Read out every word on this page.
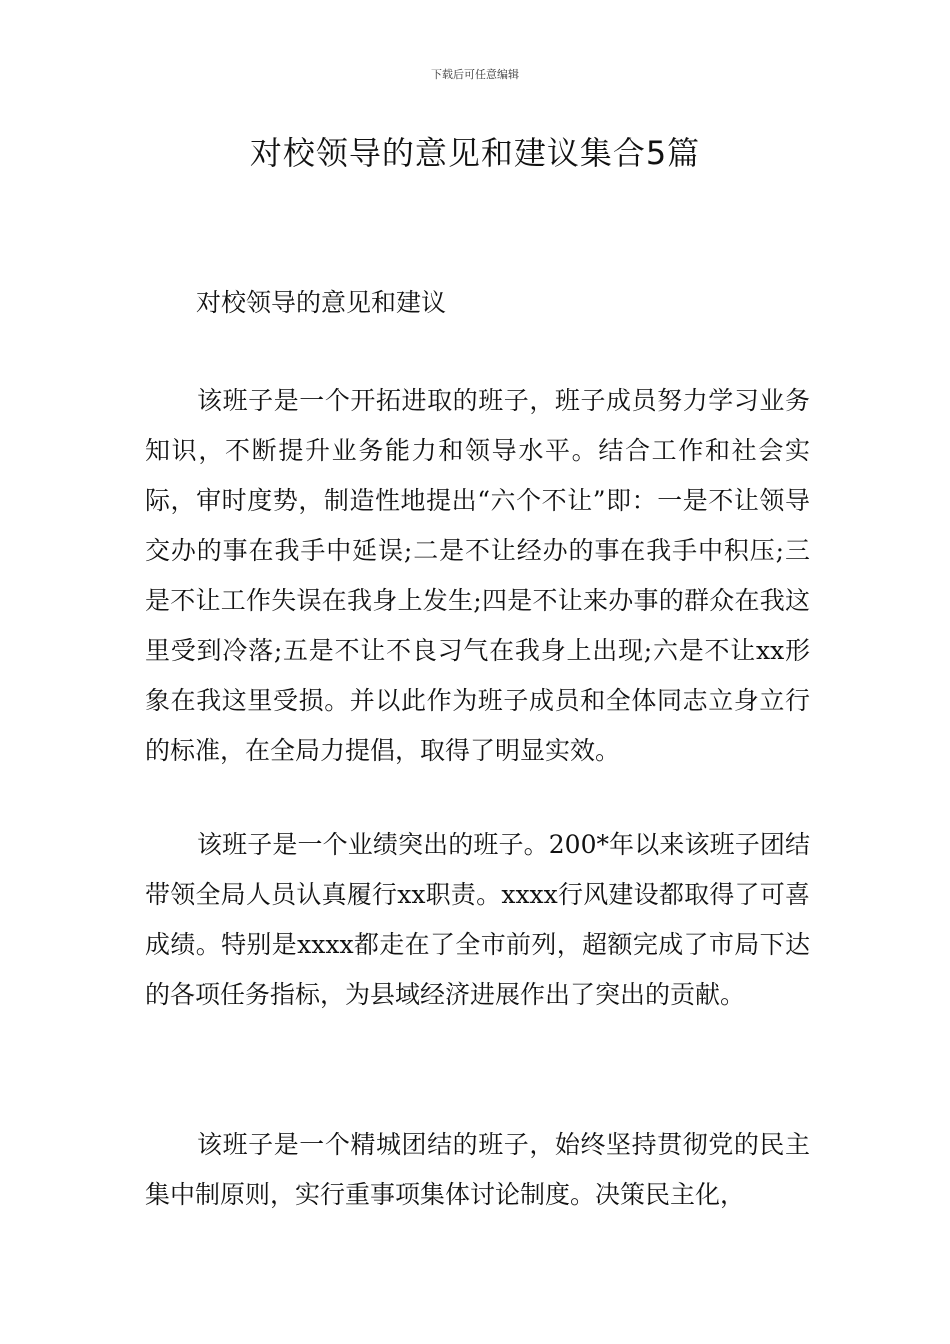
下载后可任意编辑
对校领导的意见和建议集合5篇
对校领导的意见和建议

该班子是一个开拓进取的班子，班子成员努力学习业务知识，不断提升业务能力和领导水平。结合工作和社会实际，审时度势，制造性地提出“六个不让”即：一是不让领导交办的事在我手中延误;二是不让经办的事在我手中积压;三是不让工作失误在我身上发生;四是不让来办事的群众在我这里受到冷落;五是不让不良习气在我身上出现;六是不让xx形象在我这里受损。并以此作为班子成员和全体同志立身立行的标准，在全局力提倡，取得了明显实效。

该班子是一个业绩突出的班子。200*年以来该班子团结带领全局人员认真履行xx职责。xxxx行风建设都取得了可喜成绩。特别是xxxx都走在了全市前列，超额完成了市局下达的各项任务指标，为县域经济进展作出了突出的贡献。

该班子是一个精城团结的班子，始终坚持贯彻党的民主集中制原则，实行重事项集体讨论制度。决策民主化，
